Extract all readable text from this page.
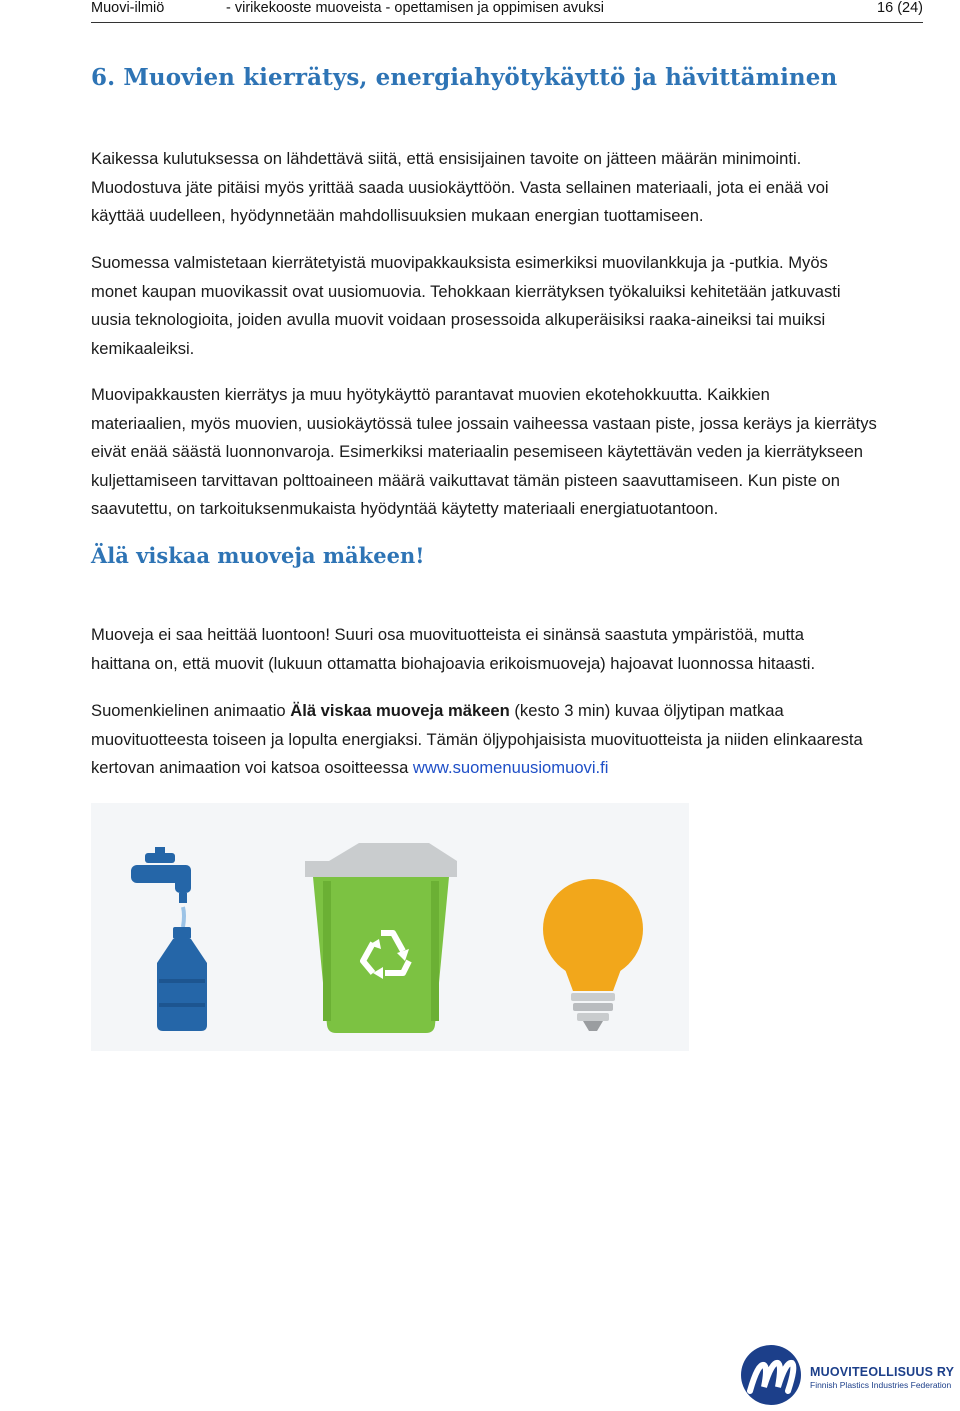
Muovi-ilmiö	- virikekooste muoveista - opettamisen ja oppimisen avuksi	16 (24)
6. Muovien kierrätys, energiahyötykäyttö ja hävittäminen

Kaikessa kulutuksessa on lähdettävä siitä, että ensisijainen tavoite on jätteen määrän minimointi.
Muodostuva jäte pitäisi myös yrittää saada uusiokäyttöön. Vasta sellainen materiaali, jota ei enää voi
käyttää uudelleen, hyödynnetään mahdollisuuksien mukaan energian tuottamiseen.

Suomessa valmistetaan kierrätetyistä muovipakkauksista esimerkiksi muovilankkuja ja -putkia. Myös
monet kaupan muovikassit ovat uusiomuovia. Tehokkaan kierrätyksen työkaluiksi kehitetään jatkuvasti
uusia teknologioita, joiden avulla muovit voidaan prosessoida alkuperäisiksi raaka-aineiksi tai muiksi
kemikaaleiksi.

Muovipakkausten kierrätys ja muu hyötykäyttö parantavat muovien ekotehokkuutta. Kaikkien
materiaalien, myös muovien, uusiokäytössä tulee jossain vaiheessa vastaan piste, jossa keräys ja kierrätys
eivät enää säästä luonnonvaroja. Esimerkiksi materiaalin pesemiseen käytettävän veden ja kierrätykseen
kuljettamiseen tarvittavan polttoaineen määrä vaikuttavat tämän pisteen saavuttamiseen. Kun piste on
saavutettu, on tarkoituksenmukaista hyödyntää käytetty materiaali energiatuotantoon.

Älä viskaa muoveja mäkeen!

Muoveja ei saa heittää luontoon! Suuri osa muovituotteista ei sinänsä saastuta ympäristöä, mutta
haittana on, että muovit (lukuun ottamatta biohajoavia erikoismuoveja) hajoavat luonnossa hitaasti.

Suomenkielinen animaatio Älä viskaa muoveja mäkeen (kesto 3 min) kuvaa öljytipan matkaa muovituotteesta toiseen ja lopulta energiaksi. Tämän öljypohjaisista muovituotteista ja niiden elinkaaresta kertovan animaation voi katsoa osoitteessa www.suomenuusiomuovi.fi

MUOVITEOLLISUUS RY
Finnish Plastics Industries Federation
